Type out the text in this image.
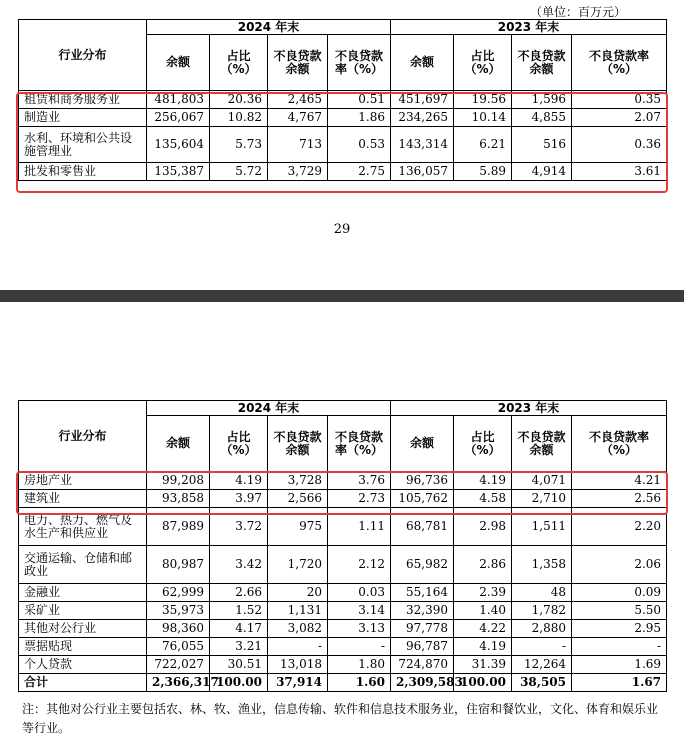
（单位：百万元）
行业分布	2024 年末				2023 年末			
	余额	占比（%）	不良贷款余额	不良贷款率（%）	余额	占比（%）	不良贷款余额	不良贷款率（%）
租赁和商务服务业	481,803	20.36	2,465	0.51	451,697	19.56	1,596	0.35
制造业	256,067	10.82	4,767	1.86	234,265	10.14	4,855	2.07
水利、环境和公共设施管理业	135,604	5.73	713	0.53	143,314	6.21	516	0.36
批发和零售业	135,387	5.72	3,729	2.75	136,057	5.89	4,914	3.61
29
行业分布	2024 年末				2023 年末			
	余额	占比（%）	不良贷款余额	不良贷款率（%）	余额	占比（%）	不良贷款余额	不良贷款率（%）
房地产业	99,208	4.19	3,728	3.76	96,736	4.19	4,071	4.21
建筑业	93,858	3.97	2,566	2.73	105,762	4.58	2,710	2.56
电力、热力、燃气及水生产和供应业	87,989	3.72	975	1.11	68,781	2.98	1,511	2.20
交通运输、仓储和邮政业	80,987	3.42	1,720	2.12	65,982	2.86	1,358	2.06
金融业	62,999	2.66	20	0.03	55,164	2.39	48	0.09
采矿业	35,973	1.52	1,131	3.14	32,390	1.40	1,782	5.50
其他对公行业	98,360	4.17	3,082	3.13	97,778	4.22	2,880	2.95
票据贴现	76,055	3.21	-	-	96,787	4.19	-	-
个人贷款	722,027	30.51	13,018	1.80	724,870	31.39	12,264	1.69
合计	2,366,317	100.00	37,914	1.60	2,309,583	100.00	38,505	1.67
注：其他对公行业主要包括农、林、牧、渔业，信息传输、软件和信息技术服务业，住宿和餐饮业，文化、体育和娱乐业等行业。
